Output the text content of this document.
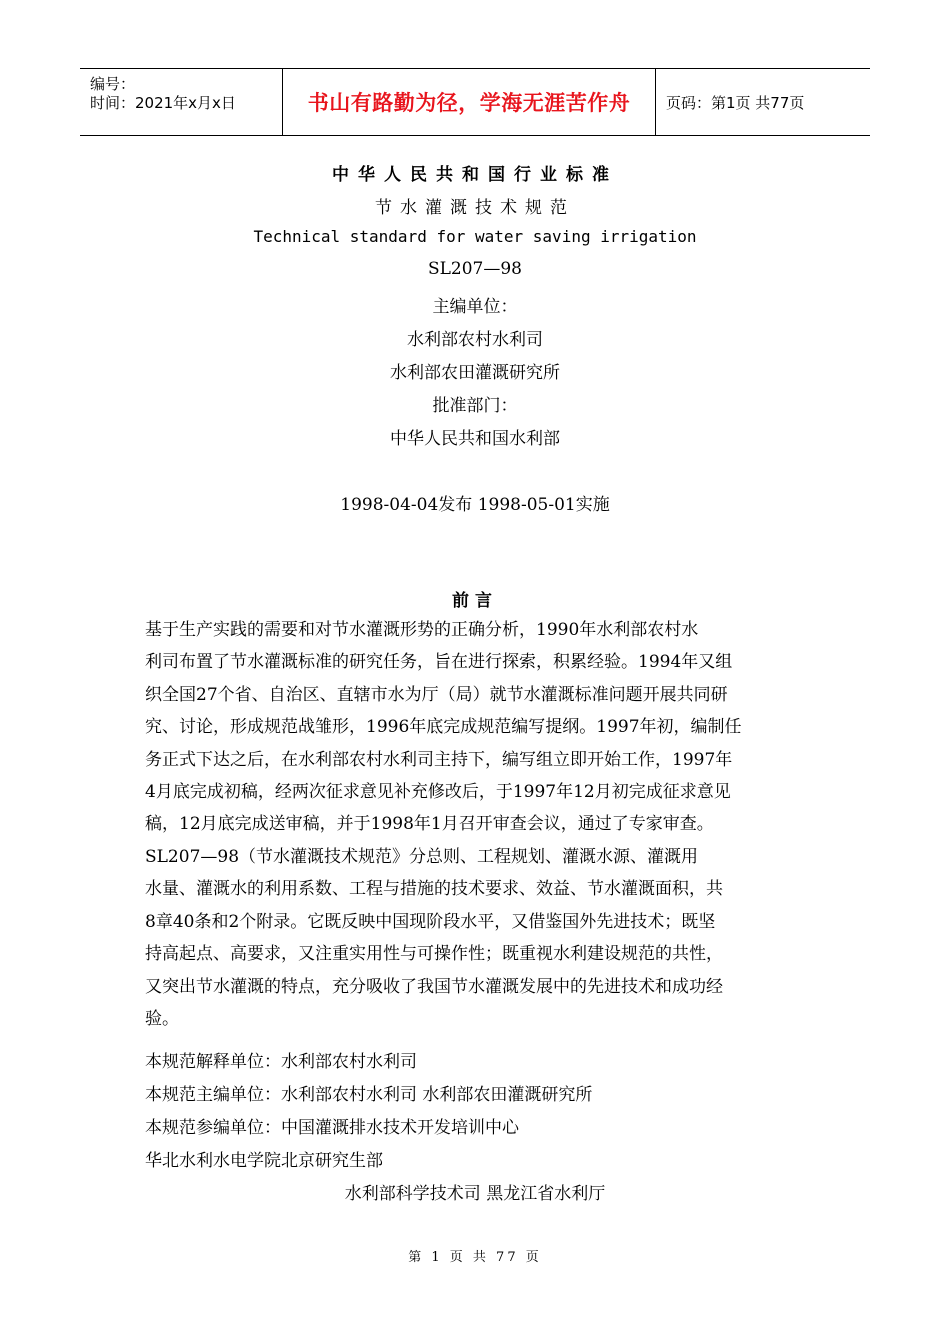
编号：
时间：2021年x月x日	书山有路勤为径，学海无涯苦作舟	页码：第1页 共77页
中华人民共和国行业标准
节水灌溉技术规范
Technical standard for water saving irrigation
SL207—98
主编单位：
水利部农村水利司
水利部农田灌溉研究所
批准部门：
中华人民共和国水利部
1998-04-04发布 1998-05-01实施
前言
基于生产实践的需要和对节水灌溉形势的正确分析，1990年水利部农村水
利司布置了节水灌溉标准的研究任务，旨在进行探索，积累经验。1994年又组
织全国27个省、自治区、直辖市水为厅（局）就节水灌溉标准问题开展共同研
究、讨论，形成规范战雏形，1996年底完成规范编写提纲。1997年初，编制任
务正式下达之后，在水利部农村水利司主持下，编写组立即开始工作，1997年
4月底完成初稿，经两次征求意见补充修改后，于1997年12月初完成征求意见
稿，12月底完成送审稿，并于1998年1月召开审查会议，通过了专家审查。
SL207—98（节水灌溉技术规范》分总则、工程规划、灌溉水源、灌溉用
水量、灌溉水的利用系数、工程与措施的技术要求、效益、节水灌溉面积，共
8章40条和2个附录。它既反映中国现阶段水平，又借鉴国外先进技术；既坚
持高起点、高要求，又注重实用性与可操作性；既重视水利建设规范的共性，
又突出节水灌溉的特点，充分吸收了我国节水灌溉发展中的先进技术和成功经
验。
本规范解释单位：水利部农村水利司
本规范主编单位：水利部农村水利司 水利部农田灌溉研究所
本规范参编单位：中国灌溉排水技术开发培训中心
华北水利水电学院北京研究生部
水利部科学技术司 黑龙江省水利厅
第 1 页 共 77 页
